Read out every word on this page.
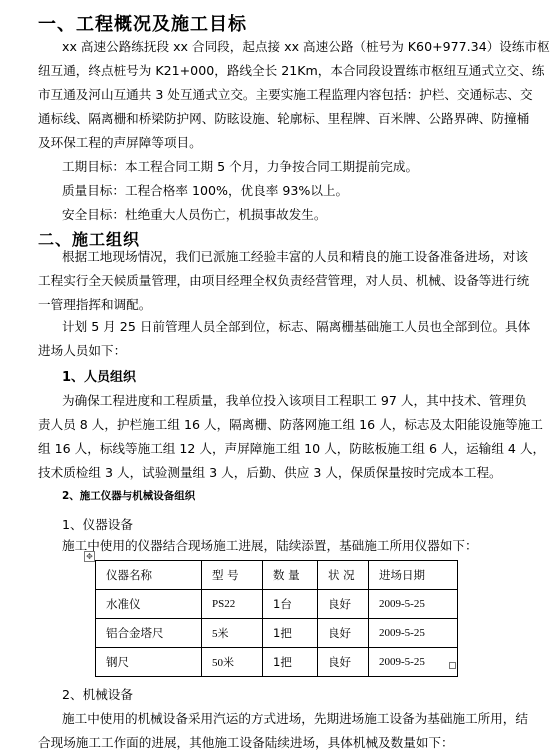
一、工程概况及施工目标
xx 高速公路练抚段 xx 合同段，起点接 xx 高速公路（桩号为 K60+977.34）设练市枢
纽互通，终点桩号为 K21+000，路线全长 21Km，本合同段设置练市枢纽互通式立交、练
市互通及河山互通共 3 处互通式立交。主要实施工程监理内容包括：护栏、交通标志、交
通标线、隔离栅和桥梁防护网、防眩设施、轮廓标、里程牌、百米牌、公路界碑、防撞桶
及环保工程的声屏障等项目。
工期目标：本工程合同工期 5 个月，力争按合同工期提前完成。
质量目标：工程合格率 100%，优良率 93%以上。
安全目标：杜绝重大人员伤亡，机损事故发生。
二、施工组织
根据工地现场情况，我们已派施工经验丰富的人员和精良的施工设备准备进场，对该
工程实行全天候质量管理，由项目经理全权负责经营管理，对人员、机械、设备等进行统
一管理指挥和调配。
计划 5 月 25 日前管理人员全部到位，标志、隔离栅基础施工人员也全部到位。具体
进场人员如下：
1、人员组织
为确保工程进度和工程质量，我单位投入该项目工程职工 97 人，其中技术、管理负
责人员 8 人，护栏施工组 16 人，隔离栅、防落网施工组 16 人，标志及太阳能设施等施工
组 16 人，标线等施工组 12 人，声屏障施工组 10 人，防眩板施工组 6 人，运输组 4 人，
技术质检组 3 人，试验测量组 3 人，后勤、供应 3 人，保质保量按时完成本工程。
2、施工仪器与机械设备组织
1、仪器设备
施工中使用的仪器结合现场施工进展，陆续添置，基础施工所用仪器如下：
✥
仪器名称	型 号	数 量	状 况	进场日期
水准仪	PS22	1台	良好	2009-5-25
铝合金塔尺	5米	1把	良好	2009-5-25
钢尺	50米	1把	良好	2009-5-25
2、机械设备
施工中使用的机械设备采用汽运的方式进场，先期进场施工设备为基础施工所用，结
合现场施工工作面的进展，其他施工设备陆续进场，具体机械及数量如下：
